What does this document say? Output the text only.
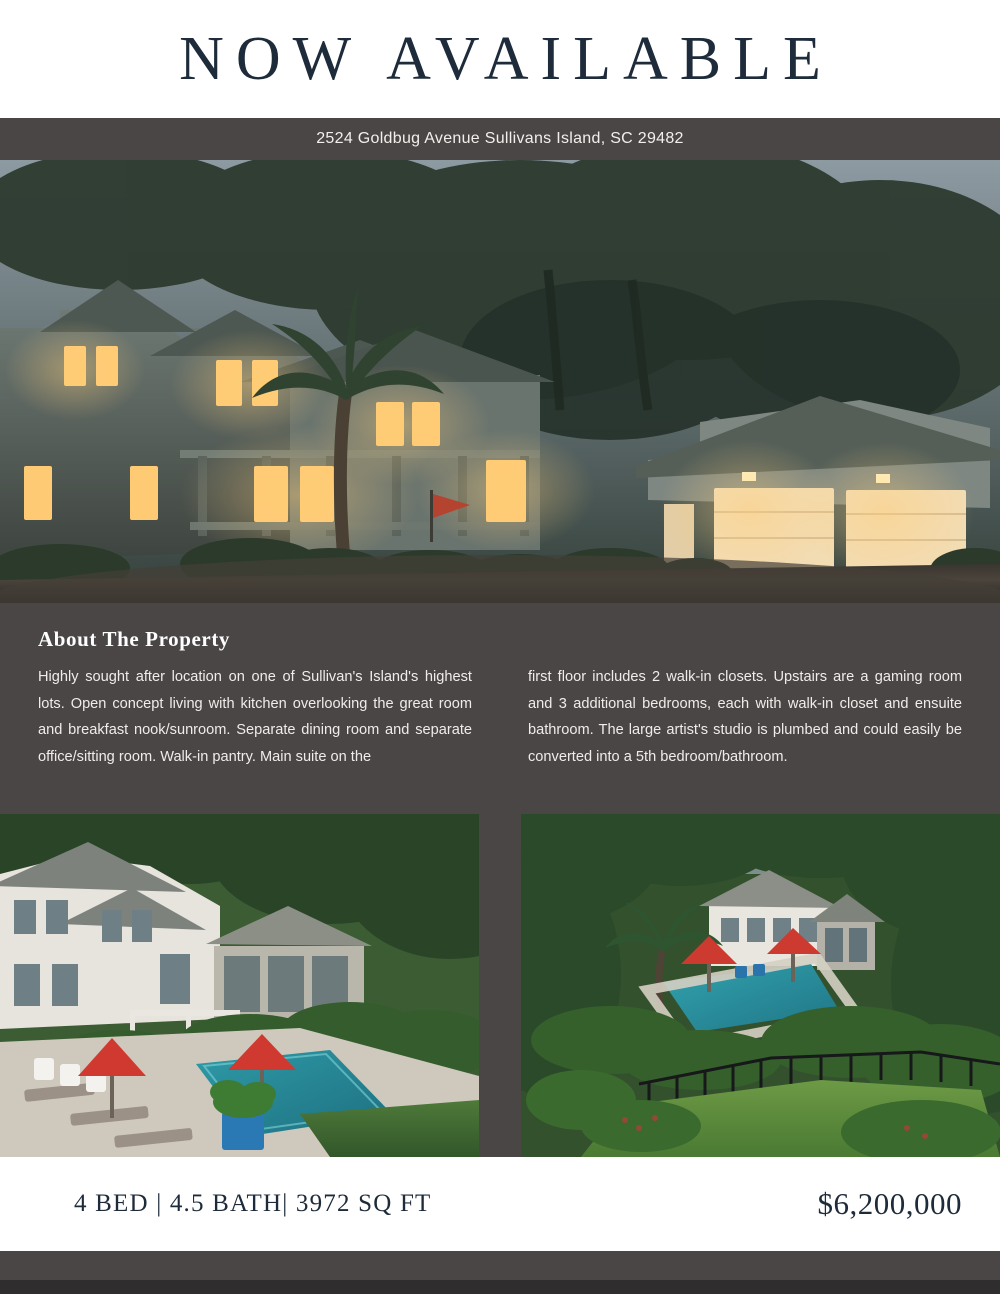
NOW AVAILABLE
2524 Goldbug Avenue Sullivans Island, SC 29482
About The Property
Highly sought after location on one of Sullivan's Island's highest lots. Open concept living with kitchen overlooking the great room and breakfast nook/sunroom. Separate dining room and separate office/sitting room. Walk-in pantry. Main suite on the
first floor includes 2 walk-in closets. Upstairs are a gaming room and 3 additional bedrooms, each with walk-in closet and ensuite bathroom. The large artist's studio is plumbed and could easily be converted into a 5th bedroom/bathroom.
4 BED | 4.5 BATH| 3972 SQ FT	$6,200,000
